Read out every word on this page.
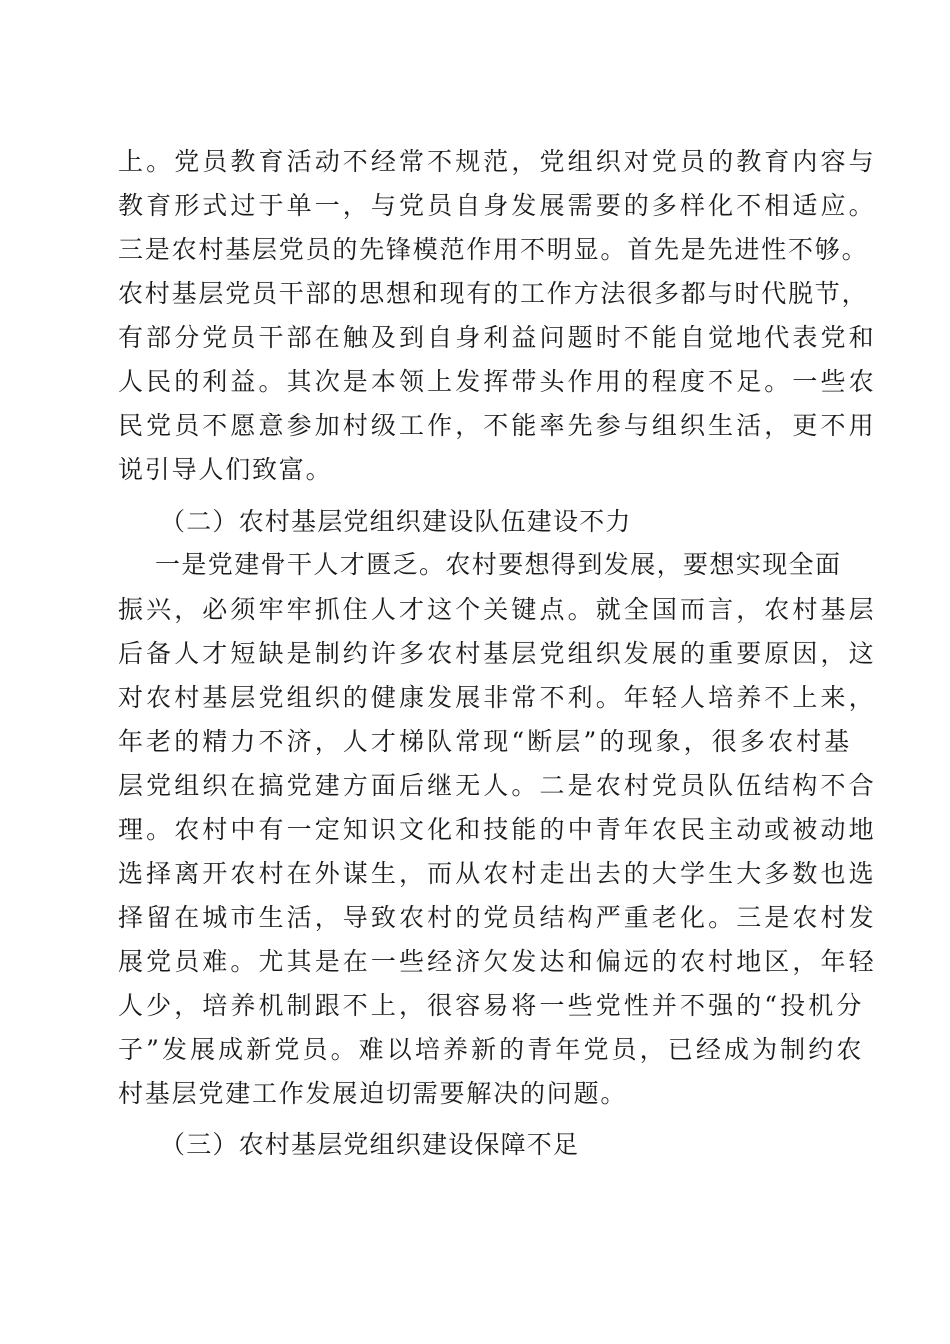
上。党员教育活动不经常不规范，党组织对党员的教育内容与

教育形式过于单一，与党员自身发展需要的多样化不相适应。

三是农村基层党员的先锋模范作用不明显。首先是先进性不够。

农村基层党员干部的思想和现有的工作方法很多都与时代脱节，

有部分党员干部在触及到自身利益问题时不能自觉地代表党和

人民的利益。其次是本领上发挥带头作用的程度不足。一些农

民党员不愿意参加村级工作，不能率先参与组织生活，更不用

说引导人们致富。

（二）农村基层党组织建设队伍建设不力

一是党建骨干人才匮乏。农村要想得到发展，要想实现全面

振兴，必须牢牢抓住人才这个关键点。就全国而言，农村基层

后备人才短缺是制约许多农村基层党组织发展的重要原因，这

对农村基层党组织的健康发展非常不利。年轻人培养不上来，

年老的精力不济，人才梯队常现“断层”的现象，很多农村基

层党组织在搞党建方面后继无人。二是农村党员队伍结构不合

理。农村中有一定知识文化和技能的中青年农民主动或被动地

选择离开农村在外谋生，而从农村走出去的大学生大多数也选

择留在城市生活，导致农村的党员结构严重老化。三是农村发

展党员难。尤其是在一些经济欠发达和偏远的农村地区，年轻

人少，培养机制跟不上，很容易将一些党性并不强的“投机分

子”发展成新党员。难以培养新的青年党员，已经成为制约农

村基层党建工作发展迫切需要解决的问题。

（三）农村基层党组织建设保障不足
